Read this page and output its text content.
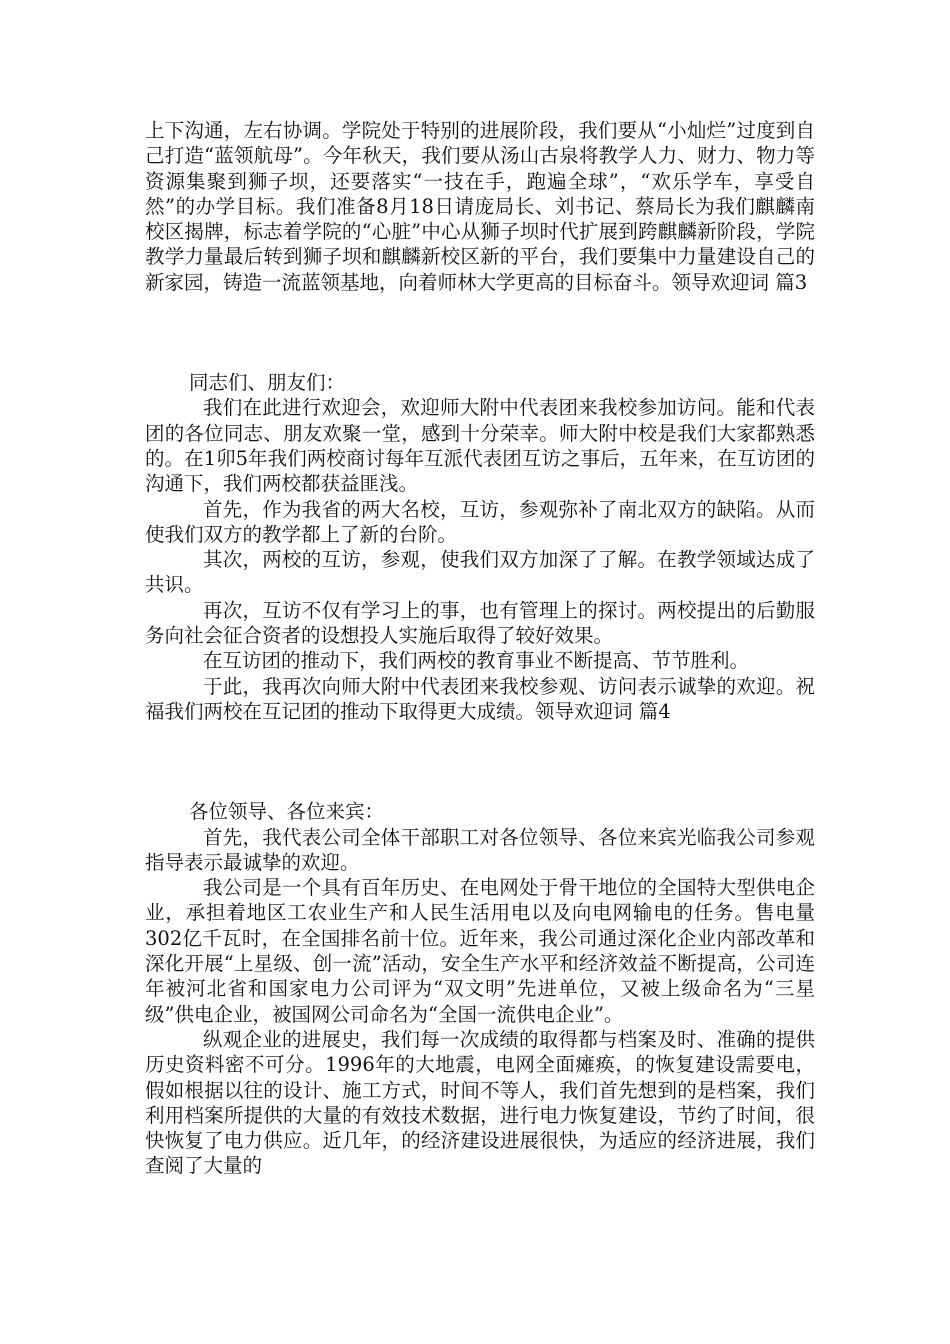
上下沟通，左右协调。学院处于特别的进展阶段，我们要从“小灿烂”过度到自己打造“蓝领航母”。今年秋天，我们要从汤山古泉将教学人力、财力、物力等资源集聚到狮子坝，还要落实“一技在手，跑遍全球”，“欢乐学车，享受自然”的办学目标。我们准备8月18日请庞局长、刘书记、蔡局长为我们麒麟南校区揭牌，标志着学院的“心脏”中心从狮子坝时代扩展到跨麒麟新阶段，学院教学力量最后转到狮子坝和麒麟新校区新的平台，我们要集中力量建设自己的新家园，铸造一流蓝领基地，向着师林大学更高的目标奋斗。领导欢迎词 篇3

同志们、朋友们：

我们在此进行欢迎会，欢迎师大附中代表团来我校参加访问。能和代表团的各位同志、朋友欢聚一堂，感到十分荣幸。师大附中校是我们大家都熟悉的。在1卯5年我们两校商讨每年互派代表团互访之事后，五年来，在互访团的沟通下，我们两校都获益匪浅。

首先，作为我省的两大名校，互访，参观弥补了南北双方的缺陷。从而使我们双方的教学都上了新的台阶。

其次，两校的互访，参观，使我们双方加深了了解。在教学领域达成了共识。

再次，互访不仅有学习上的事，也有管理上的探讨。两校提出的后勤服务向社会征合资者的设想投人实施后取得了较好效果。

在互访团的推动下，我们两校的教育事业不断提高、节节胜利。

于此，我再次向师大附中代表团来我校参观、访问表示诚挚的欢迎。祝福我们两校在互记团的推动下取得更大成绩。领导欢迎词 篇4

各位领导、各位来宾：

首先，我代表公司全体干部职工对各位领导、各位来宾光临我公司参观指导表示最诚挚的欢迎。

我公司是一个具有百年历史、在电网处于骨干地位的全国特大型供电企业，承担着地区工农业生产和人民生活用电以及向电网输电的任务。售电量302亿千瓦时，在全国排名前十位。近年来，我公司通过深化企业内部改革和深化开展“上星级、创一流”活动，安全生产水平和经济效益不断提高，公司连年被河北省和国家电力公司评为“双文明”先进单位，又被上级命名为“三星级”供电企业，被国网公司命名为“全国一流供电企业”。

纵观企业的进展史，我们每一次成绩的取得都与档案及时、准确的提供历史资料密不可分。1996年的大地震，电网全面瘫痪，的恢复建设需要电，假如根据以往的设计、施工方式，时间不等人，我们首先想到的是档案，我们利用档案所提供的大量的有效技术数据，进行电力恢复建设，节约了时间，很快恢复了电力供应。近几年，的经济建设进展很快，为适应的经济进展，我们查阅了大量的
